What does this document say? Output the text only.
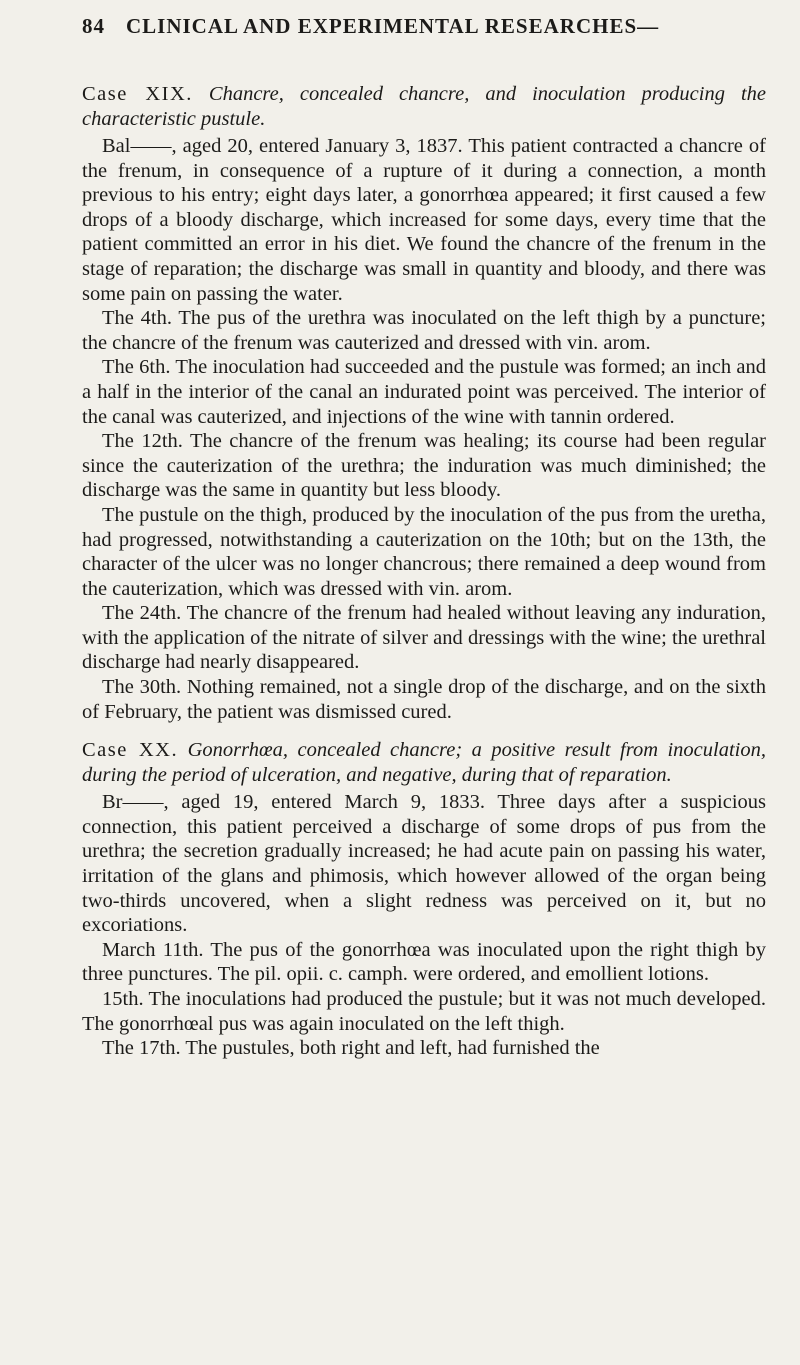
84	CLINICAL AND EXPERIMENTAL RESEARCHES—
Case XIX. Chancre, concealed chancre, and inoculation producing the characteristic pustule.

Bal——, aged 20, entered January 3, 1837. This patient contracted a chancre of the frenum, in consequence of a rupture of it during a connection, a month previous to his entry; eight days later, a gonorrhœa appeared; it first caused a few drops of a bloody discharge, which increased for some days, every time that the patient committed an error in his diet. We found the chancre of the frenum in the stage of reparation; the discharge was small in quantity and bloody, and there was some pain on passing the water.

The 4th. The pus of the urethra was inoculated on the left thigh by a puncture; the chancre of the frenum was cauterized and dressed with vin. arom.

The 6th. The inoculation had succeeded and the pustule was formed; an inch and a half in the interior of the canal an indurated point was perceived. The interior of the canal was cauterized, and injections of the wine with tannin ordered.

The 12th. The chancre of the frenum was healing; its course had been regular since the cauterization of the urethra; the induration was much diminished; the discharge was the same in quantity but less bloody.

The pustule on the thigh, produced by the inoculation of the pus from the uretha, had progressed, notwithstanding a cauterization on the 10th; but on the 13th, the character of the ulcer was no longer chancrous; there remained a deep wound from the cauterization, which was dressed with vin. arom.

The 24th. The chancre of the frenum had healed without leaving any induration, with the application of the nitrate of silver and dressings with the wine; the urethral discharge had nearly disappeared.

The 30th. Nothing remained, not a single drop of the discharge, and on the sixth of February, the patient was dismissed cured.

Case XX. Gonorrhœa, concealed chancre; a positive result from inoculation, during the period of ulceration, and negative, during that of reparation.

Br——, aged 19, entered March 9, 1833. Three days after a suspicious connection, this patient perceived a discharge of some drops of pus from the urethra; the secretion gradually increased; he had acute pain on passing his water, irritation of the glans and phimosis, which however allowed of the organ being two-thirds uncovered, when a slight redness was perceived on it, but no excoriations.

March 11th. The pus of the gonorrhœa was inoculated upon the right thigh by three punctures. The pil. opii. c. camph. were ordered, and emollient lotions.

15th. The inoculations had produced the pustule; but it was not much developed. The gonorrhœal pus was again inoculated on the left thigh.

The 17th. The pustules, both right and left, had furnished the
